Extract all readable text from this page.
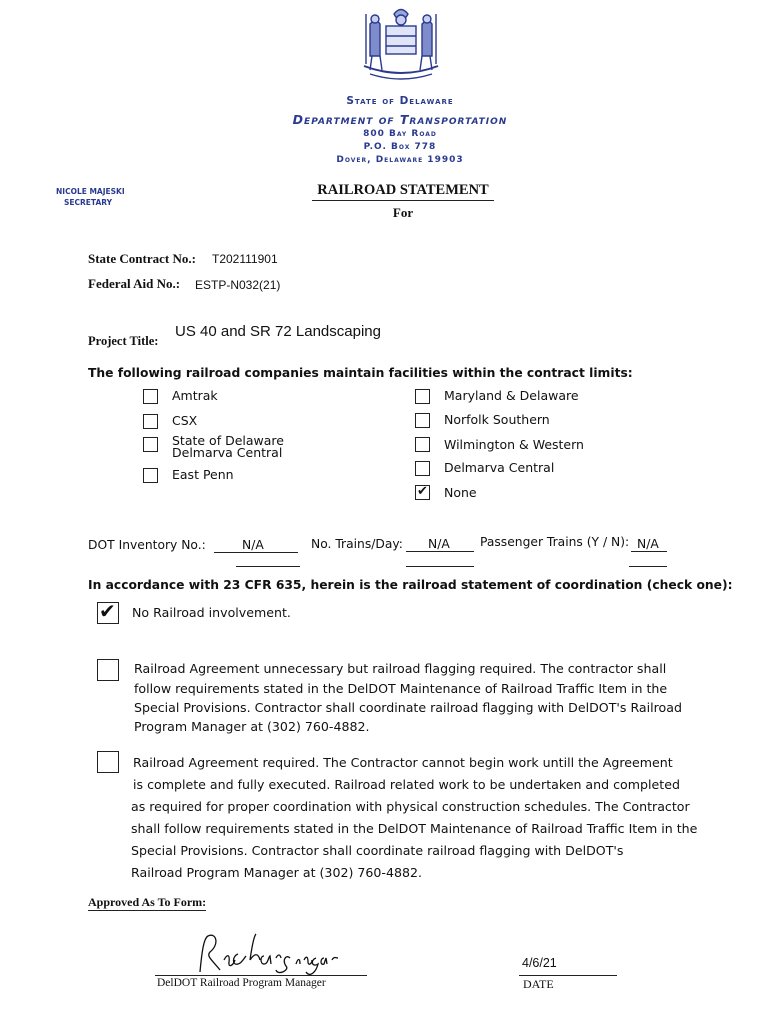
State of Delaware
Department of Transportation
800 Bay Road
P.O. Box 778
Dover, Delaware 19903
NICOLE MAJESKI
SECRETARY
RAILROAD STATEMENT
For
State Contract No.: T202111901
Federal Aid No.: ESTP-N032(21)
Project Title:
US 40 and SR 72 Landscaping
The following railroad companies maintain facilities within the contract limits:
Amtrak
CSX
State of Delaware
Delmarva Central
East Penn
Maryland & Delaware
Norfolk Southern
Wilmington & Western
Delmarva Central
✔ None
DOT Inventory No.:	N/A	No. Trains/Day:	N/A	Passenger Trains (Y / N): N/A
In accordance with 23 CFR 635, herein is the railroad statement of coordination (check one):
✔ No Railroad involvement.
Railroad Agreement unnecessary but railroad flagging required. The contractor shall
follow requirements stated in the DelDOT Maintenance of Railroad Traffic Item in the
Special Provisions. Contractor shall coordinate railroad flagging with DelDOT's Railroad
Program Manager at (302) 760-4882.
Railroad Agreement required. The Contractor cannot begin work untill the Agreement
is complete and fully executed. Railroad related work to be undertaken and completed
as required for proper coordination with physical construction schedules. The Contractor
shall follow requirements stated in the DelDOT Maintenance of Railroad Traffic Item in the
Special Provisions. Contractor shall coordinate railroad flagging with DelDOT's
Railroad Program Manager at (302) 760-4882.
Approved As To Form:
DelDOT Railroad Program Manager
4/6/21
DATE
